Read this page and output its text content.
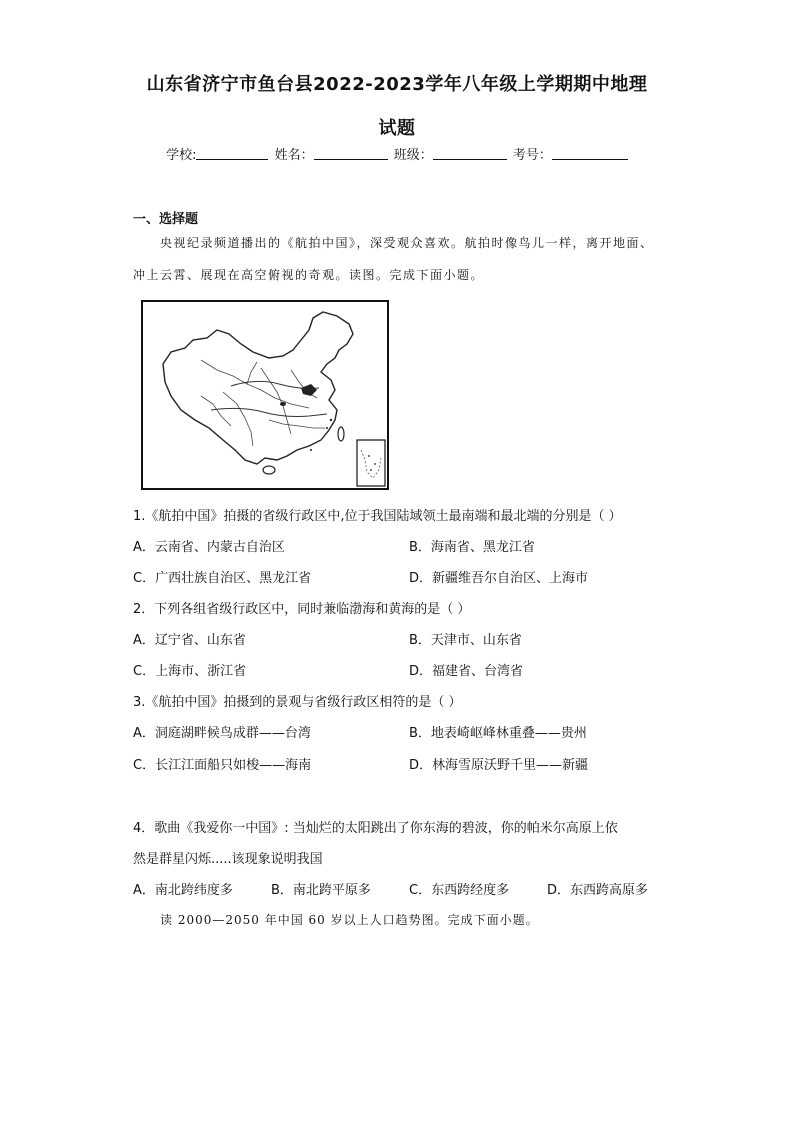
山东省济宁市鱼台县2022-2023学年八年级上学期期中地理
试题
学校:	姓名：	班级：	考号：
一、选择题
央视纪录频道播出的《航拍中国》，深受观众喜欢。航拍时像鸟儿一样，离开地面、
冲上云霄、展现在高空俯视的奇观。读图。完成下面小题。
1.《航拍中国》拍摄的省级行政区中,位于我国陆域领土最南端和最北端的分别是（ ）
A．云南省、内蒙古自治区	B．海南省、黑龙江省
C．广西壮族自治区、黑龙江省	D．新疆维吾尔自治区、上海市
2．下列各组省级行政区中，同时兼临渤海和黄海的是（ ）
A．辽宁省、山东省	B．天津市、山东省
C．上海市、浙江省	D．福建省、台湾省
3.《航拍中国》拍摄到的景观与省级行政区相符的是（ ）
A．洞庭湖畔候鸟成群——台湾	B．地表崎岖峰林重叠——贵州
C．长江江面船只如梭——海南	D．林海雪原沃野千里——新疆
4．歌曲《我爱你一中国》: 当灿烂的太阳跳出了你东海的碧波，你的帕米尔高原上依
然是群星闪烁.....该现象说明我国
A．南北跨纬度多	B．南北跨平原多	C．东西跨经度多	D．东西跨高原多
读 2000—2050 年中国 60 岁以上人口趋势图。完成下面小题。
